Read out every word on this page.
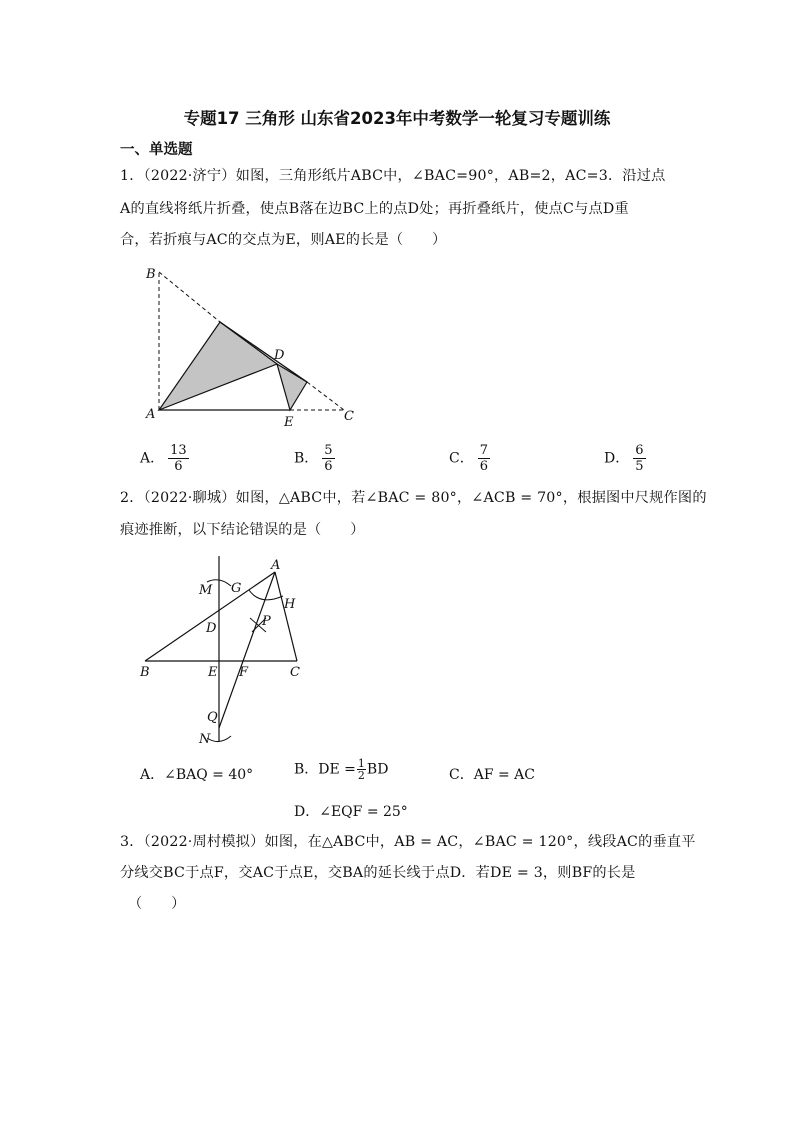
专题17 三角形 山东省2023年中考数学一轮复习专题训练
一、单选题
1．（2022·济宁）如图，三角形纸片ABC中，∠BAC=90°，AB=2，AC=3．沿过点
A的直线将纸片折叠，使点B落在边BC上的点D处；再折叠纸片，使点C与点D重
合，若折痕与AC的交点为E，则AE的长是（　　）
B
D
A
E	C
A． $\frac{13}{6}$	B． $\frac{5}{6}$	C． $\frac{7}{6}$	D． $\frac{6}{5}$
2．（2022·聊城）如图，△ABC中，若∠BAC = 80°，∠ACB = 70°，根据图中尺规作图的
痕迹推断，以下结论错误的是（　　）
A
M G
H
D	P
B	E F	C
Q
N
A．∠BAQ = 40°	B．DE = $\frac{1}{2}$ BD	C．AF = AC
D．∠EQF = 25°
3．（2022·周村模拟）如图，在△ABC中，AB = AC，∠BAC = 120°，线段AC的垂直平
分线交BC于点F，交AC于点E，交BA的延长线于点D．若DE = 3，则BF的长是
（　　）
